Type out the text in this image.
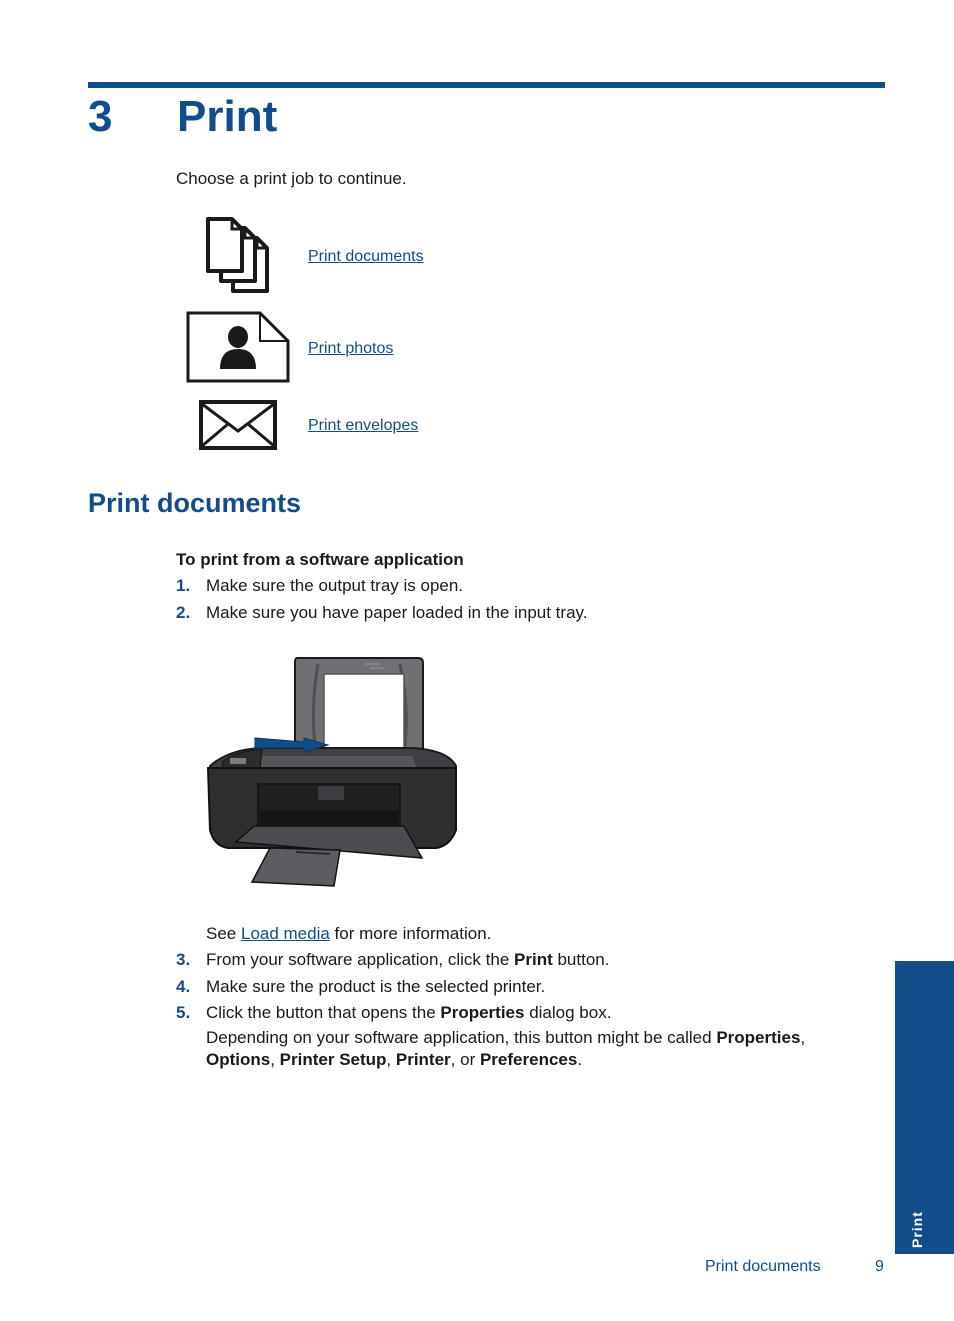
3 Print
Choose a print job to continue.
Print documents
Print photos
Print envelopes
Print documents
To print from a software application
1. Make sure the output tray is open.
2. Make sure you have paper loaded in the input tray.
See Load media for more information.
3. From your software application, click the Print button.
4. Make sure the product is the selected printer.
5. Click the button that opens the Properties dialog box.
Depending on your software application, this button might be called Properties,
Options, Printer Setup, Printer, or Preferences.
Print
Print documents	9
